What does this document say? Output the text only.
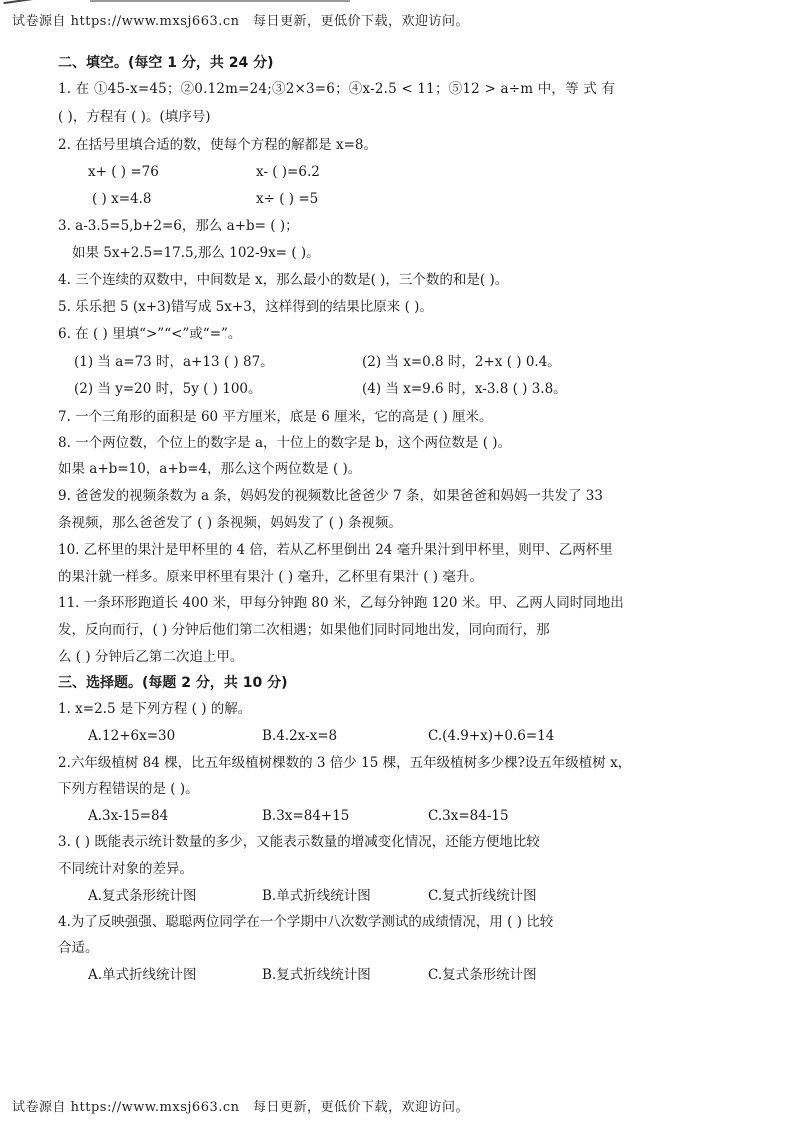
试卷源自 https://www.mxsj663.cn　每日更新，更低价下载，欢迎访问。
二、填空。(每空 1 分，共 24 分)
1. 在 ①45-x=45；②0.12m=24;③2×3=6；④x-2.5 < 11；⑤12 > a÷m 中，等 式 有
( )，方程有 ( )。(填序号)
2. 在括号里填合适的数，使每个方程的解都是 x=8。
x+ ( ) =76	x- ( )=6.2
( ) x=4.8	x÷ ( ) =5
3. a-3.5=5,b+2=6，那么 a+b= ( )；
如果 5x+2.5=17.5,那么 102-9x= ( )。
4. 三个连续的双数中，中间数是 x，那么最小的数是( )，三个数的和是( )。
5. 乐乐把 5 (x+3)错写成 5x+3，这样得到的结果比原来 ( )。
6. 在 ( ) 里填“>”“<”或“=”。
(1) 当 a=73 时，a+13 ( ) 87。	(2) 当 x=0.8 时，2+x ( ) 0.4。
(2) 当 y=20 时，5y ( ) 100。	(4) 当 x=9.6 时，x-3.8 ( ) 3.8。
7. 一个三角形的面积是 60 平方厘米，底是 6 厘米，它的高是 ( ) 厘米。
8. 一个两位数，个位上的数字是 a，十位上的数字是 b，这个两位数是 ( )。
如果 a+b=10，a+b=4，那么这个两位数是 ( )。
9. 爸爸发的视频条数为 a 条，妈妈发的视频数比爸爸少 7 条，如果爸爸和妈妈一共发了 33
条视频，那么爸爸发了 ( ) 条视频，妈妈发了 ( ) 条视频。
10. 乙杯里的果汁是甲杯里的 4 倍，若从乙杯里倒出 24 毫升果汁到甲杯里，则甲、乙两杯里
的果汁就一样多。原来甲杯里有果汁 ( ) 毫升，乙杯里有果汁 ( ) 毫升。
11. 一条环形跑道长 400 米，甲每分钟跑 80 米，乙每分钟跑 120 米。甲、乙两人同时同地出
发，反向而行，( ) 分钟后他们第二次相遇；如果他们同时同地出发，同向而行，那
么 ( ) 分钟后乙第二次追上甲。
三、选择题。(每题 2 分，共 10 分)
1. x=2.5 是下列方程 ( ) 的解。
A.12+6x=30	B.4.2x-x=8	C.(4.9+x)+0.6=14
2.六年级植树 84 棵，比五年级植树棵数的 3 倍少 15 棵，五年级植树多少棵?设五年级植树 x，
下列方程错误的是 ( )。
A.3x-15=84	B.3x=84+15	C.3x=84-15
3. ( ) 既能表示统计数量的多少，又能表示数量的增减变化情况，还能方便地比较
不同统计对象的差异。
A.复式条形统计图	B.单式折线统计图	C.复式折线统计图
4.为了反映强强、聪聪两位同学在一个学期中八次数学测试的成绩情况，用 ( ) 比较
合适。
A.单式折线统计图	B.复式折线统计图	C.复式条形统计图
试卷源自 https://www.mxsj663.cn　每日更新，更低价下载，欢迎访问。
